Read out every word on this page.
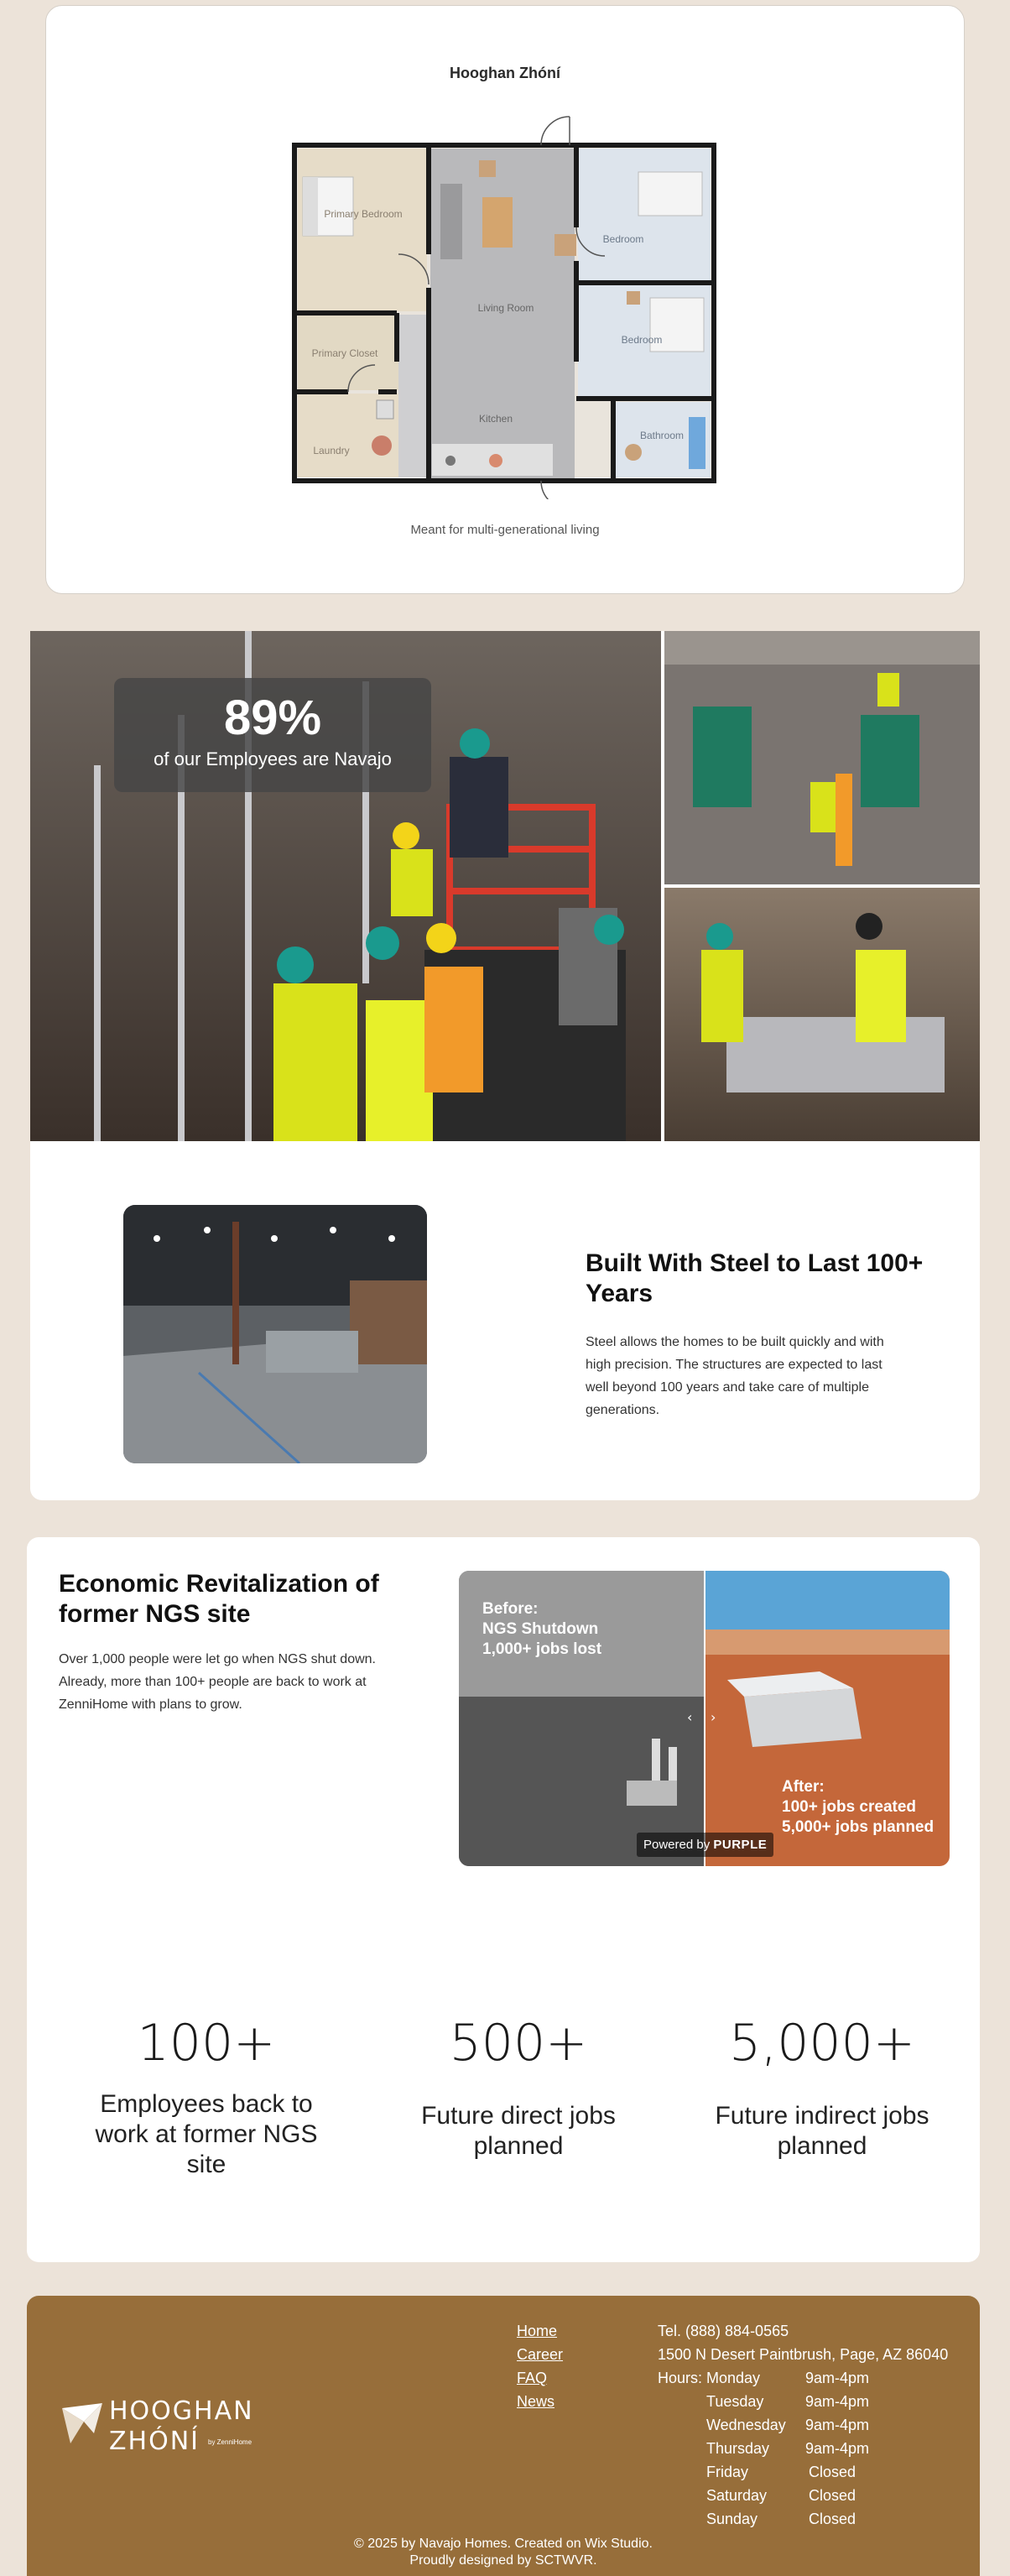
Hooghan Zhóní
Primary Bedroom
Living Room
Bedroom
Bedroom
Primary Closet
Laundry
Kitchen
Bathroom
Meant for multi-generational living
89%
of our Employees are Navajo
Built With Steel to Last 100+ Years
Steel allows the homes to be built quickly and with high precision. The structures are expected to last well beyond 100 years and take care of multiple generations.
Economic Revitalization of former NGS site
Over 1,000 people were let go when NGS shut down. Already, more than 100+ people are back to work at ZenniHome with plans to grow.
‹ ›
Before:
NGS Shutdown
1,000+ jobs lost
After:
100+ jobs created
5,000+ jobs planned
Powered by PURPLE
100+
Employees back to work at former NGS site
500+
Future direct jobs planned
5,000+
Future indirect jobs planned
HOOGHAN
ZHÓNÍ by ZenniHome
Home
Career
FAQ
News
Tel. (888) 884-0565
1500 N Desert Paintbrush, Page, AZ 86040
Hours: Monday	9am-4pm
Tuesday	9am-4pm
Wednesday	9am-4pm
Thursday	9am-4pm
Friday	Closed
Saturday	Closed
Sunday	Closed
© 2025 by Navajo Homes. Created on Wix Studio.
Proudly designed by SCTWVR.
